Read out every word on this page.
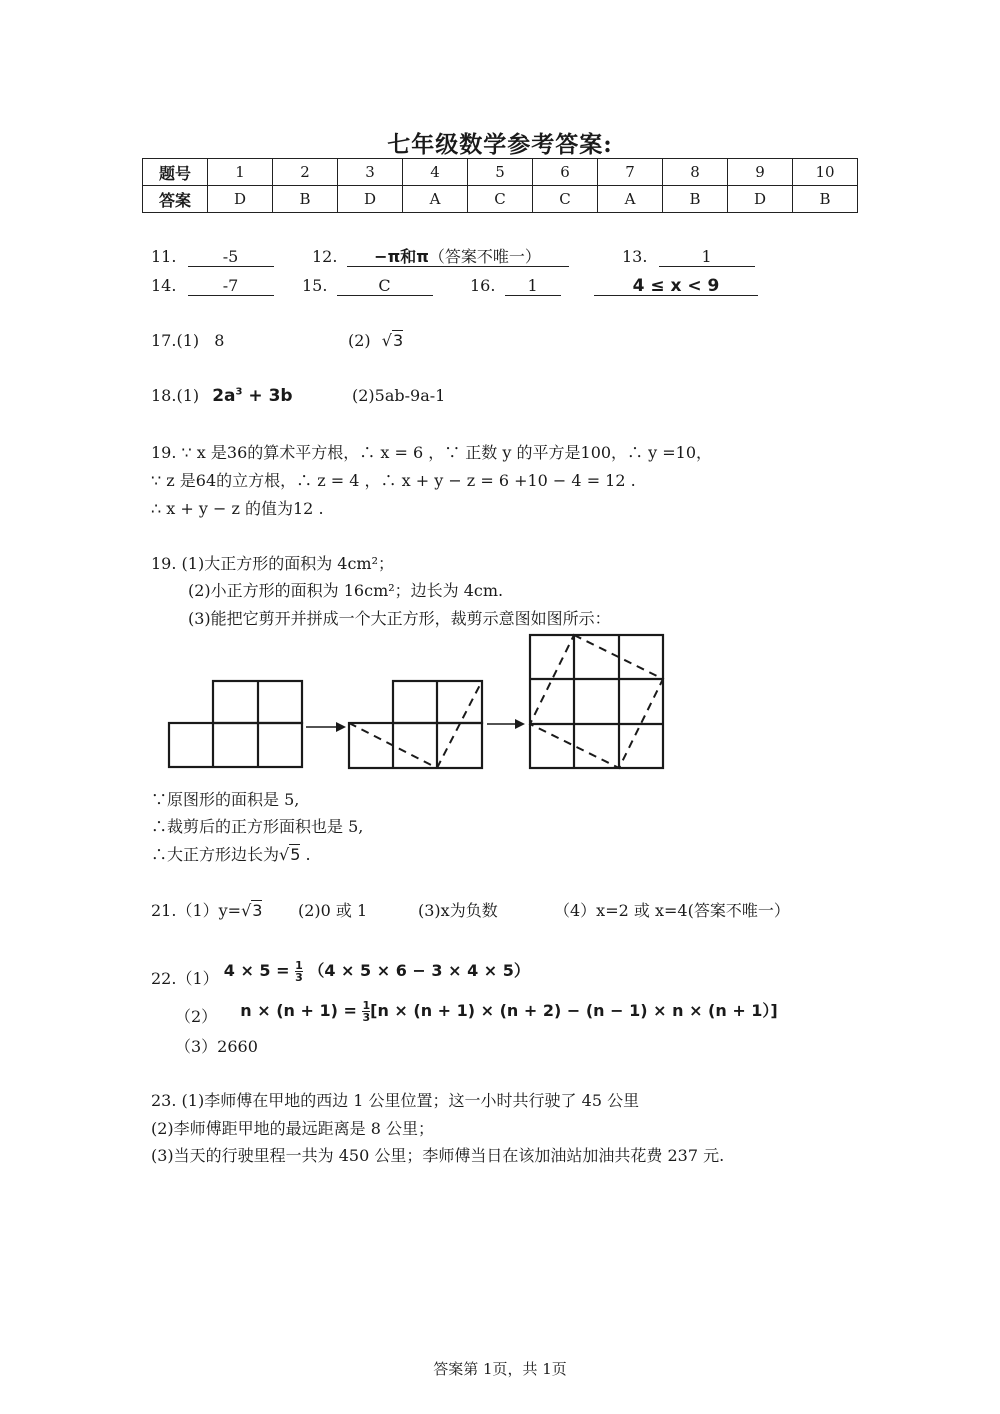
七年级数学参考答案:
题号	1	2	3	4	5	6	7	8	9	10
答案	D	B	D	A	C	C	A	B	D	B
11.	-5	12. −π和π（答案不唯一）	13.	1
14.	-7	15.	C	16. 1	4 ≤ x < 9
17.(1) 8	(2) √3
18.(1) $2a^3 + 3b$	(2)5ab-9a-1
19. ∵ x 是36的算术平方根，∴ x = 6 ，∵ 正数 y 的平方是100，∴ y =10，
∵ z 是64的立方根，∴ z = 4 ，∴ x + y − z = 6 +10 − 4 = 12 .
∴ x + y − z 的值为12 .
19. (1)大正方形的面积为 4cm²；
(2)小正方形的面积为 16cm²；边长为 4cm.
(3)能把它剪开并拼成一个大正方形，裁剪示意图如图所示：
∵原图形的面积是 5,
∴裁剪后的正方形面积也是 5,
∴大正方形边长为√5 .
21.（1）y=√3 (2)0 或 1	(3)x为负数	（4）x=2 或 x=4(答案不唯一）
22.（1） $4 \times 5 = \frac{1}{3} (4 \times 5 \times 6 - 3 \times 4 \times 5)$
（2） $n \times (n + 1) = \frac{1}{3} [n \times (n + 1) \times (n + 2) - (n - 1) \times n \times (n + 1)]$
（3）2660
23. (1)李师傅在甲地的西边 1 公里位置；这一小时共行驶了 45 公里
(2)李师傅距甲地的最远距离是 8 公里；
(3)当天的行驶里程一共为 450 公里；李师傅当日在该加油站加油共花费 237 元.
答案第 1页，共 1页
